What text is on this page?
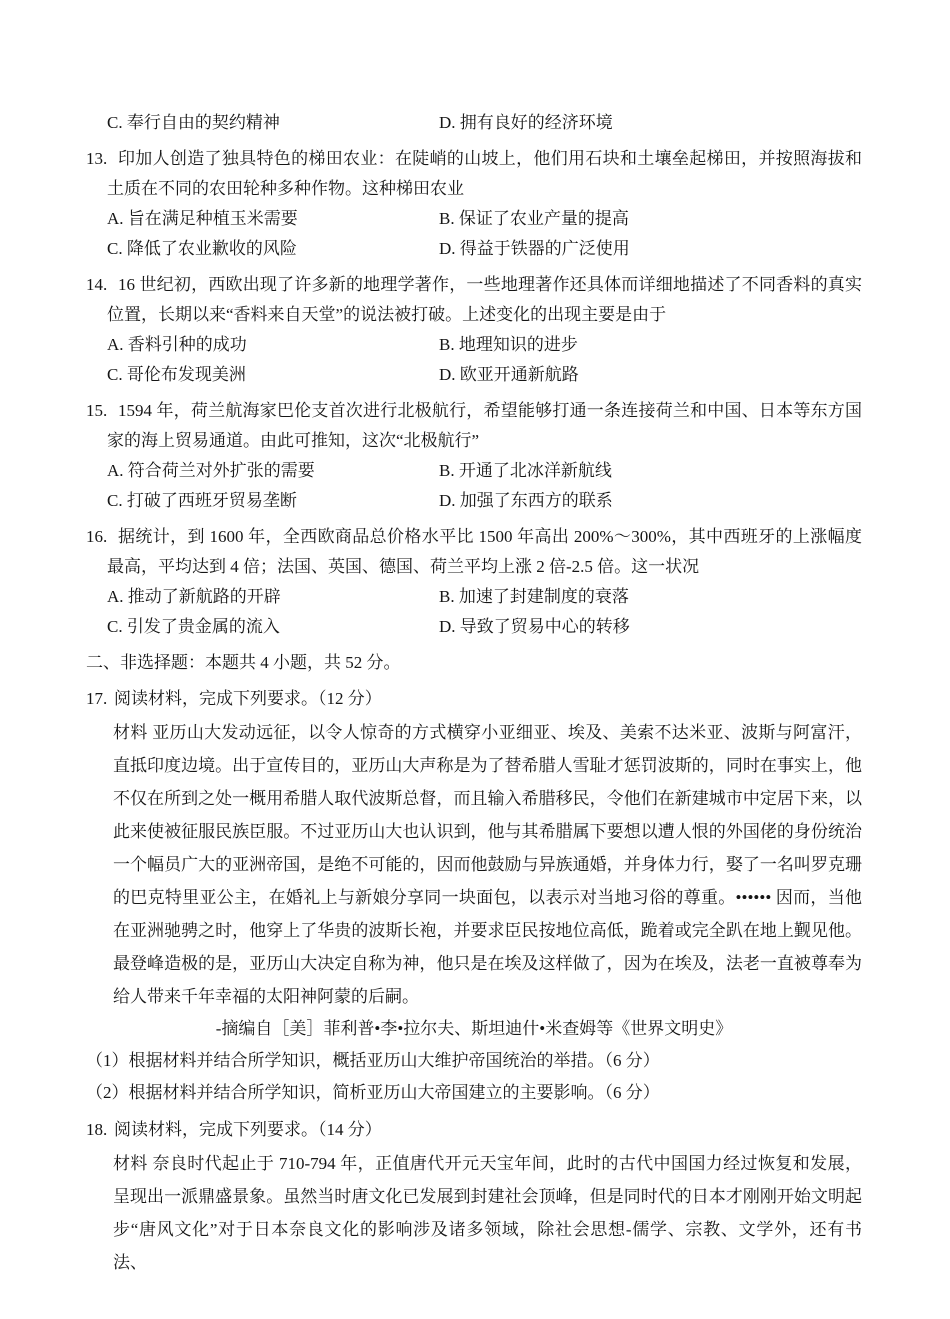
C. 奉行自由的契约精神	D. 拥有良好的经济环境
13. 印加人创造了独具特色的梯田农业：在陡峭的山坡上，他们用石块和土壤垒起梯田，并按照海拔和土质在不同的农田轮种多种作物。这种梯田农业
A. 旨在满足种植玉米需要	B. 保证了农业产量的提高
C. 降低了农业歉收的风险	D. 得益于铁器的广泛使用
14. 16 世纪初，西欧出现了许多新的地理学著作，一些地理著作还具体而详细地描述了不同香料的真实位置，长期以来“香料来自天堂”的说法被打破。上述变化的出现主要是由于
A. 香料引种的成功	B. 地理知识的进步
C. 哥伦布发现美洲	D. 欧亚开通新航路
15. 1594 年，荷兰航海家巴伦支首次进行北极航行，希望能够打通一条连接荷兰和中国、日本等东方国家的海上贸易通道。由此可推知，这次“北极航行”
A. 符合荷兰对外扩张的需要	B. 开通了北冰洋新航线
C. 打破了西班牙贸易垄断	D. 加强了东西方的联系
16. 据统计，到 1600 年，全西欧商品总价格水平比 1500 年高出 200%～300%，其中西班牙的上涨幅度最高，平均达到 4 倍；法国、英国、德国、荷兰平均上涨 2 倍-2.5 倍。这一状况
A. 推动了新航路的开辟	B. 加速了封建制度的衰落
C. 引发了贵金属的流入	D. 导致了贸易中心的转移
二、非选择题：本题共 4 小题，共 52 分。
17. 阅读材料，完成下列要求。（12 分）
材料 亚历山大发动远征，以令人惊奇的方式横穿小亚细亚、埃及、美索不达米亚、波斯与阿富汗，直抵印度边境。出于宣传目的，亚历山大声称是为了替希腊人雪耻才惩罚波斯的，同时在事实上，他不仅在所到之处一概用希腊人取代波斯总督，而且输入希腊移民，令他们在新建城市中定居下来，以此来使被征服民族臣服。不过亚历山大也认识到，他与其希腊属下要想以遭人恨的外国佬的身份统治一个幅员广大的亚洲帝国，是绝不可能的，因而他鼓励与异族通婚，并身体力行，娶了一名叫罗克珊的巴克特里亚公主，在婚礼上与新娘分享同一块面包，以表示对当地习俗的尊重。•••••• 因而，当他在亚洲驰骋之时，他穿上了华贵的波斯长袍，并要求臣民按地位高低，跪着或完全趴在地上觐见他。最登峰造极的是，亚历山大决定自称为神，他只是在埃及这样做了，因为在埃及，法老一直被尊奉为给人带来千年幸福的太阳神阿蒙的后嗣。
-摘编自［美］菲利普•李•拉尔夫、斯坦迪什•米查姆等《世界文明史》
（1）根据材料并结合所学知识，概括亚历山大维护帝国统治的举措。（6 分）
（2）根据材料并结合所学知识，简析亚历山大帝国建立的主要影响。（6 分）
18. 阅读材料，完成下列要求。（14 分）
材料 奈良时代起止于 710-794 年，正值唐代开元天宝年间，此时的古代中国国力经过恢复和发展，呈现出一派鼎盛景象。虽然当时唐文化已发展到封建社会顶峰，但是同时代的日本才刚刚开始文明起步“唐风文化”对于日本奈良文化的影响涉及诸多领域，除社会思想-儒学、宗教、文学外，还有书法、
